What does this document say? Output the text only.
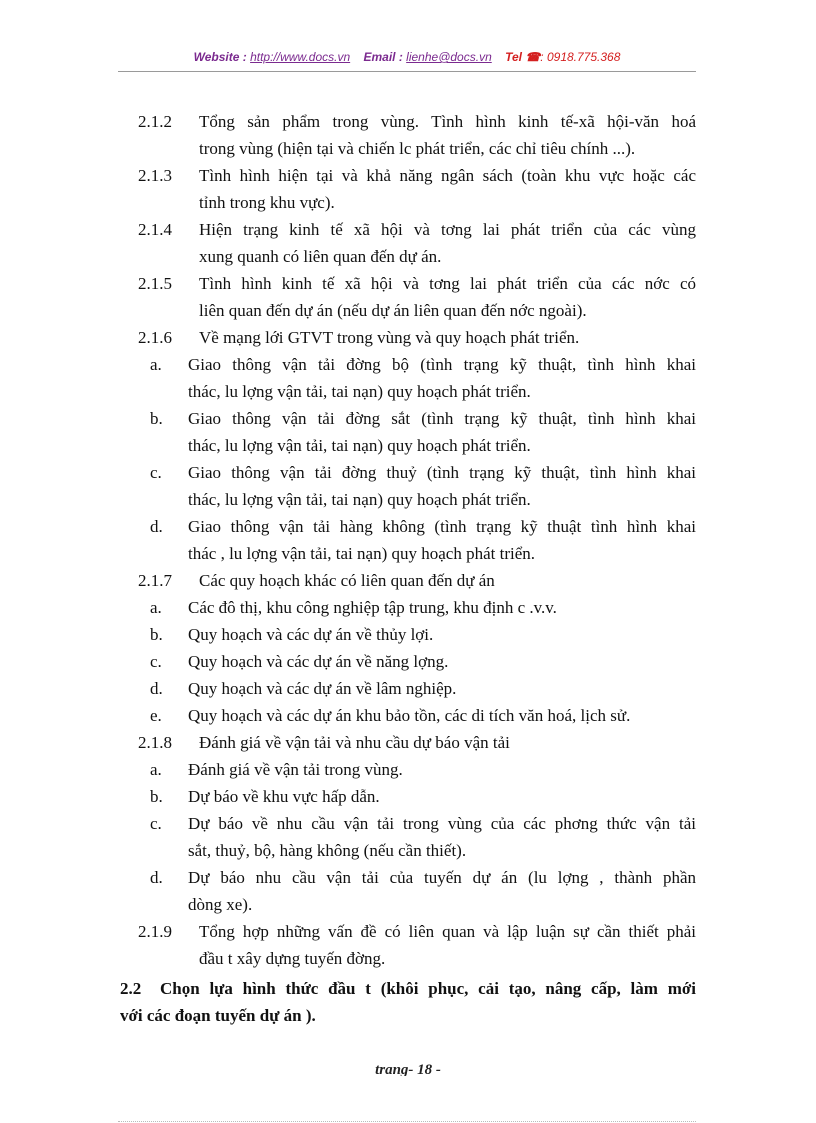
Website : http://www.docs.vn Email : lienhe@docs.vn Tel ☎: 0918.775.368
2.1.2	Tổng sản phẩm trong vùng. Tình hình kinh tế-xã hội-văn hoá
trong vùng (hiện tại và chiến lc phát triển, các chỉ tiêu chính ...).
2.1.3	Tình hình hiện tại và khả năng ngân sách (toàn khu vực hoặc các
tỉnh trong khu vực).
2.1.4	Hiện trạng kinh tế xã hội và tơng lai phát triển của các vùng
xung quanh có liên quan đến dự án.
2.1.5	Tình hình kinh tế xã hội và tơng lai phát triển của các nớc có
liên quan đến dự án (nếu dự án liên quan đến nớc ngoài).
2.1.6	Về mạng lới GTVT trong vùng và quy hoạch phát triển.
a.	Giao thông vận tải đờng bộ (tình trạng kỹ thuật, tình hình khai
thác, lu lợng vận tải, tai nạn) quy hoạch phát triển.
b.	Giao thông vận tải đờng sắt (tình trạng kỹ thuật, tình hình khai
thác, lu lợng vận tải, tai nạn) quy hoạch phát triển.
c.	Giao thông vận tải đờng thuỷ (tình trạng kỹ thuật, tình hình khai
thác, lu lợng vận tải, tai nạn) quy hoạch phát triển.
d.	Giao thông vận tải hàng không (tình trạng kỹ thuật tình hình khai
thác , lu lợng vận tải, tai nạn) quy hoạch phát triển.
2.1.7	Các quy hoạch khác có liên quan đến dự án
a.	Các đô thị, khu công nghiệp tập trung, khu định c .v.v.
b.	Quy hoạch và các dự án về thủy lợi.
c.	Quy hoạch và các dự án về năng lợng.
d.	Quy hoạch và các dự án về lâm nghiệp.
e.	Quy hoạch và các dự án khu bảo tồn, các di tích văn hoá, lịch sử.
2.1.8	Đánh giá về vận tải và nhu cầu dự báo vận tải
a.	Đánh giá về vận tải trong vùng.
b.	Dự báo về khu vực hấp dẫn.
c.	Dự báo về nhu cầu vận tải trong vùng của các phơng thức vận tải
sắt, thuỷ, bộ, hàng không (nếu cần thiết).
d.	Dự báo nhu cầu vận tải của tuyến dự án (lu lợng , thành phần
dòng xe).
2.1.9	Tổng hợp những vấn đề có liên quan và lập luận sự cần thiết phải
đầu t xây dựng tuyến đờng.
2.2	Chọn lựa hình thức đầu t (khôi phục, cải tạo, nâng cấp, làm mới
với các đoạn tuyến dự án ).
trang- 18 -
